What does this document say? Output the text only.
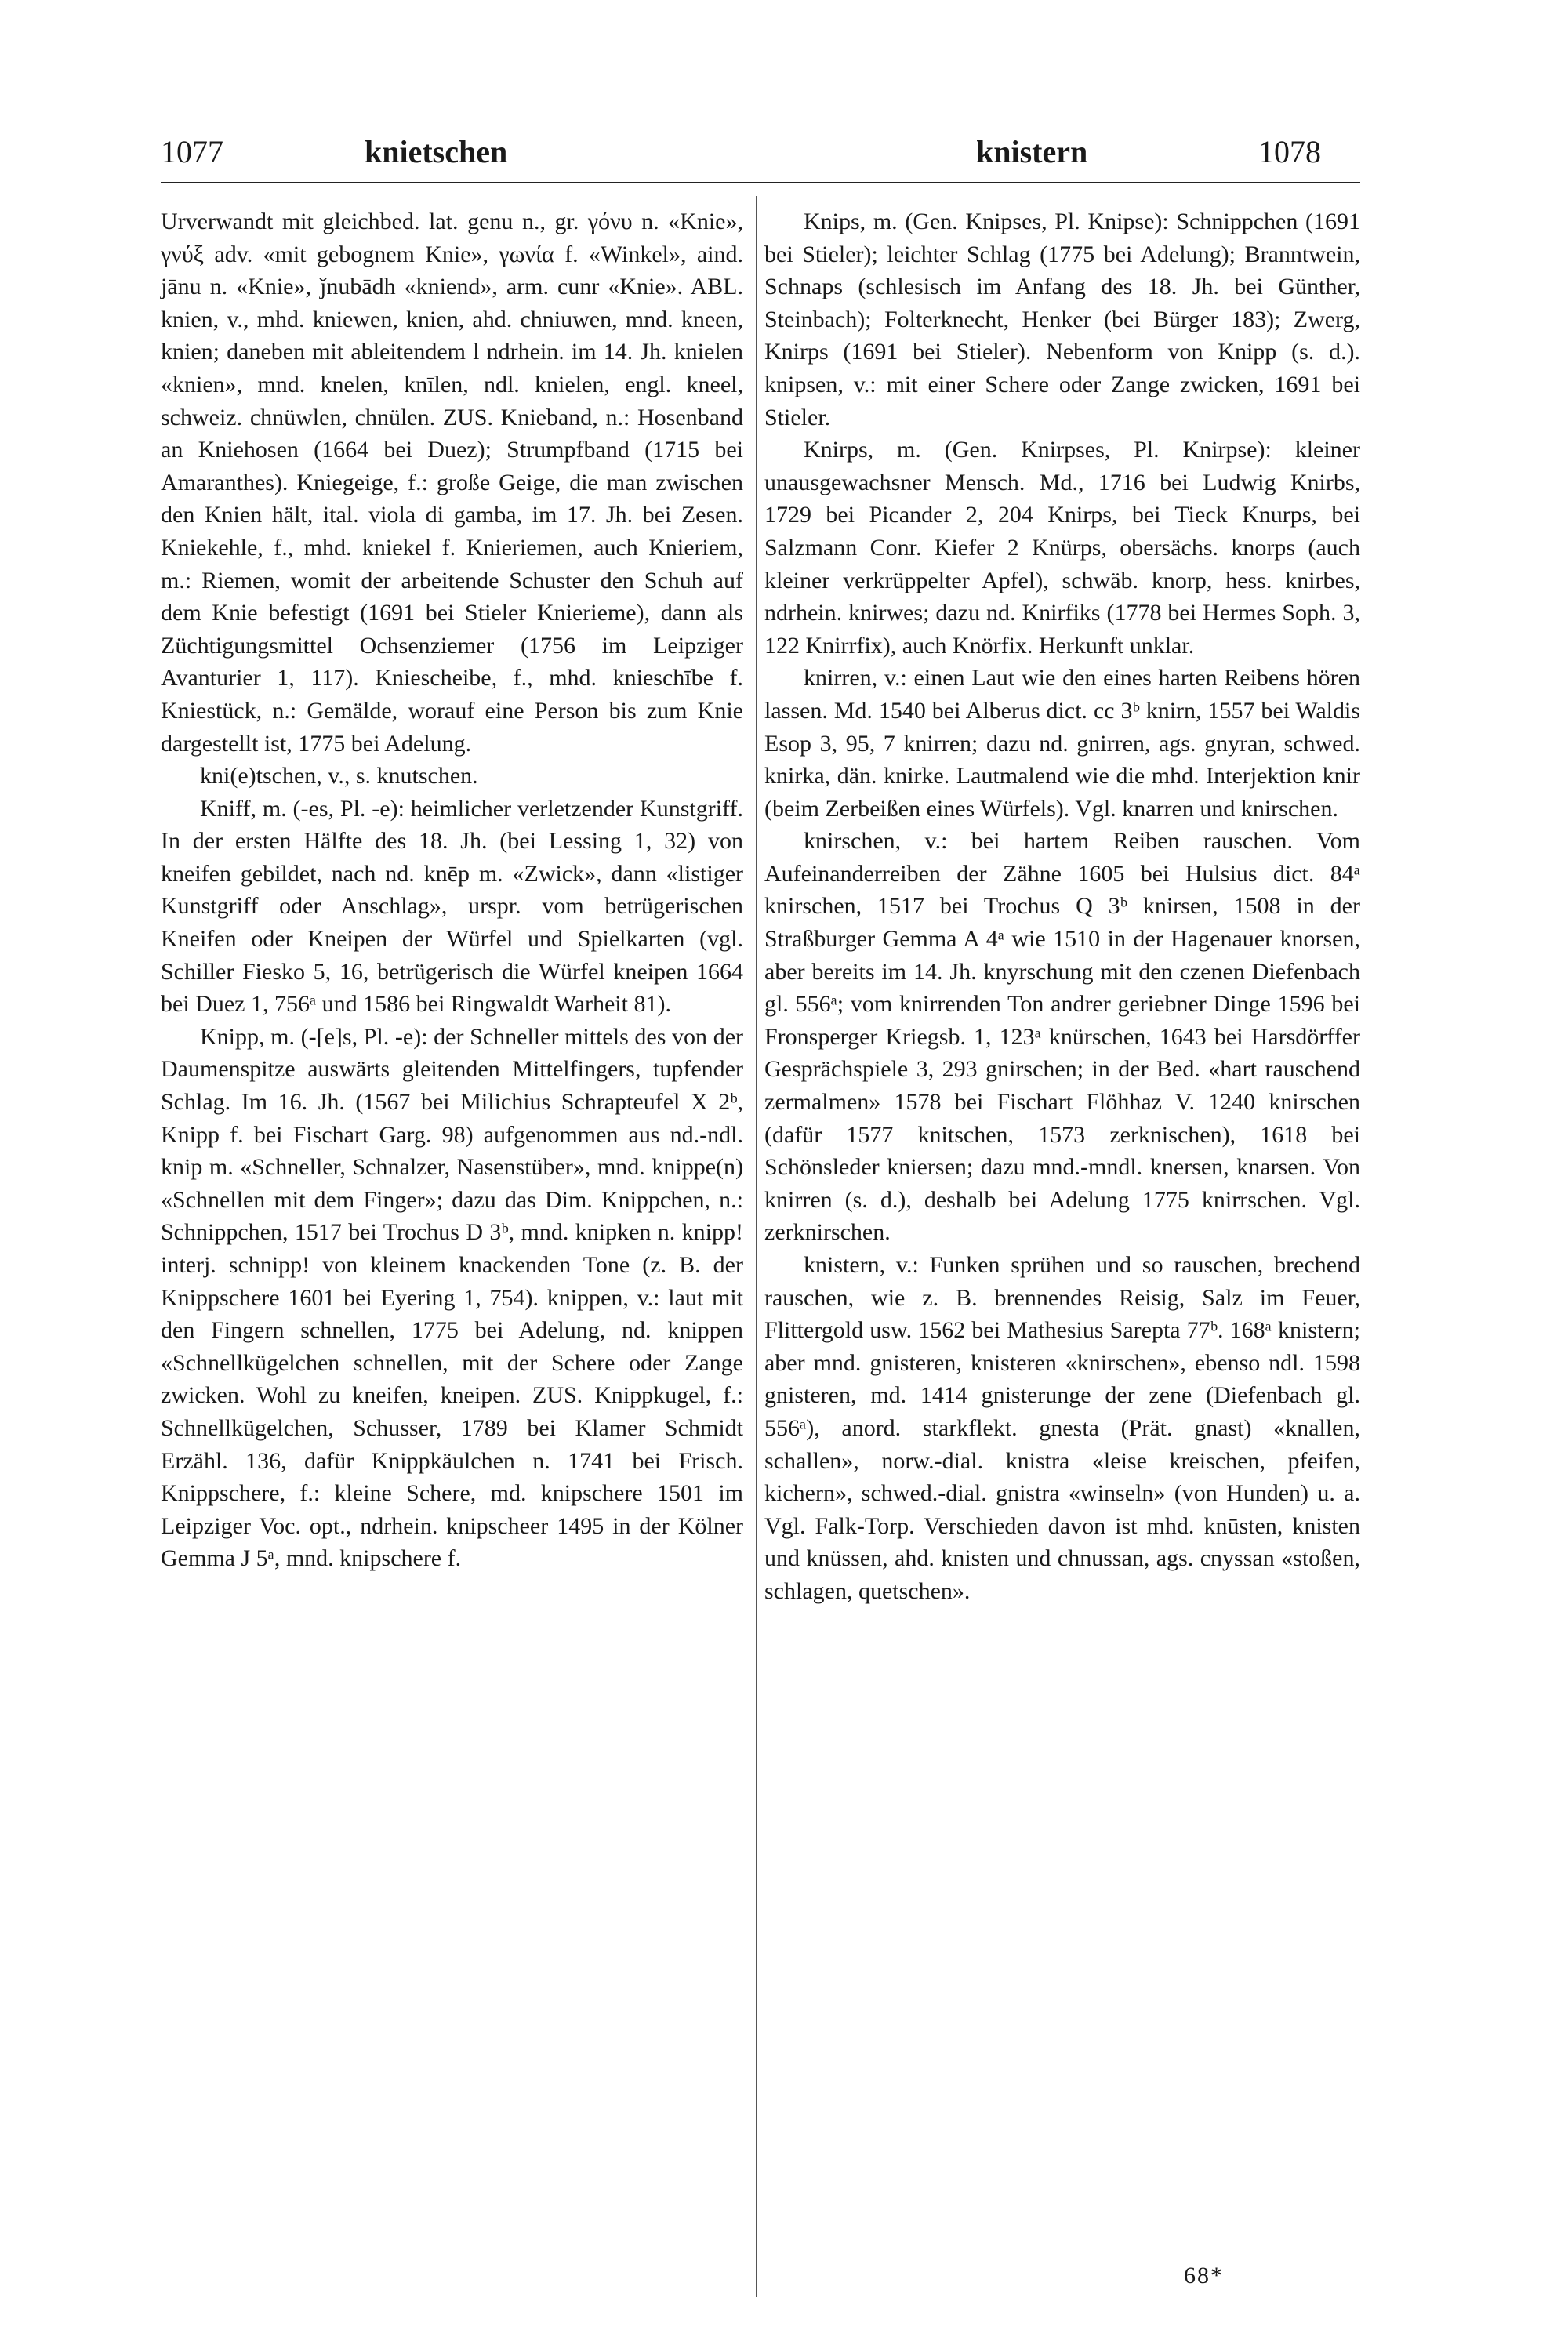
1077	knietschen	knistern	1078

Urverwandt mit gleichbed. lat. genu n., gr. γόνυ n. «Knie», γνύξ adv. «mit gebognem Knie», γωνία f. «Winkel», aind. jānu n. «Knie», ǰnubādh «kniend», arm. cunr «Knie». ABL. knien, v., mhd. kniewen, knien, ahd. chniuwen, mnd. kneen, knien; daneben mit ableitendem l ndrhein. im 14. Jh. knielen «knien», mnd. knelen, knīlen, ndl. knielen, engl. kneel, schweiz. chnüwlen, chnülen. ZUS. Knieband, n.: Hosenband an Kniehosen (1664 bei Duez); Strumpfband (1715 bei Amaranthes). Kniegeige, f.: große Geige, die man zwischen den Knien hält, ital. viola di gamba, im 17. Jh. bei Zesen. Kniekehle, f., mhd. kniekel f. Knieriemen, auch Knieriem, m.: Riemen, womit der arbeitende Schuster den Schuh auf dem Knie befestigt (1691 bei Stieler Knieriеme), dann als Züchtigungsmittel Ochsenziemer (1756 im Leipziger Avanturier 1, 117). Kniescheibe, f., mhd. knieschībe f. Kniestück, n.: Gemälde, worauf eine Person bis zum Knie dargestellt ist, 1775 bei Adelung.

kni(e)tschen, v., s. knutschen.

Kniff, m. (-es, Pl. -e): heimlicher verletzender Kunstgriff. In der ersten Hälfte des 18. Jh. (bei Lessing 1, 32) von kneifen gebildet, nach nd. knēp m. «Zwick», dann «listiger Kunstgriff oder Anschlag», urspr. vom betrügerischen Kneifen oder Kneipen der Würfel und Spielkarten (vgl. Schiller Fiesko 5, 16, betrügerisch die Würfel kneipen 1664 bei Duez 1, 756ᵃ und 1586 bei Ringwaldt Warheit 81).

Knipp, m. (-[e]s, Pl. -e): der Schneller mittels des von der Daumenspitze auswärts gleitenden Mittelfingers, tupfender Schlag. Im 16. Jh. (1567 bei Milichius Schrapteufel X 2ᵇ, Knipp f. bei Fischart Garg. 98) aufgenommen aus nd.-ndl. knip m. «Schneller, Schnalzer, Nasenstüber», mnd. knippe(n) «Schnellen mit dem Finger»; dazu das Dim. Knippchen, n.: Schnippchen, 1517 bei Trochus D 3ᵇ, mnd. knipken n. knipp! interj. schnipp! von kleinem knackenden Tone (z. B. der Knippschere 1601 bei Eyering 1, 754). knippen, v.: laut mit den Fingern schnellen, 1775 bei Adelung, nd. knippen «Schnellkügelchen schnellen, mit der Schere oder Zange zwicken. Wohl zu kneifen, kneipen. ZUS. Knippkugel, f.: Schnellkügelchen, Schusser, 1789 bei Klamer Schmidt Erzähl. 136, dafür Knippkäulchen n. 1741 bei Frisch. Knippschere, f.: kleine Schere, md. knipschere 1501 im Leipziger Voc. opt., ndrhein. knipscheer 1495 in der Kölner Gemma J 5ᵃ, mnd. knipschere f.

Knips, m. (Gen. Knipses, Pl. Knipse): Schnippchen (1691 bei Stieler); leichter Schlag (1775 bei Adelung); Branntwein, Schnaps (schlesisch im Anfang des 18. Jh. bei Günther, Steinbach); Folterknecht, Henker (bei Bürger 183); Zwerg, Knirps (1691 bei Stieler). Nebenform von Knipp (s. d.). knipsen, v.: mit einer Schere oder Zange zwicken, 1691 bei Stieler.

Knirps, m. (Gen. Knirpses, Pl. Knirpse): kleiner unausgewachsner Mensch. Md., 1716 bei Ludwig Knirbs, 1729 bei Picander 2, 204 Knirps, bei Tieck Knurps, bei Salzmann Conr. Kiefer 2 Knürps, obersächs. knorps (auch kleiner verkrüppelter Apfel), schwäb. knorp, hess. knirbes, ndrhein. knirwes; dazu nd. Knirfiks (1778 bei Hermes Soph. 3, 122 Knirrfix), auch Knörfix. Herkunft unklar.

knirren, v.: einen Laut wie den eines harten Reibens hören lassen. Md. 1540 bei Alberus dict. cc 3ᵇ knirn, 1557 bei Waldis Esop 3, 95, 7 knirren; dazu nd. gnirren, ags. gnyran, schwed. knirka, dän. knirke. Lautmalend wie die mhd. Interjektion knir (beim Zerbeißen eines Würfels). Vgl. knarren und knirschen.

knirschen, v.: bei hartem Reiben rauschen. Vom Aufeinanderreiben der Zähne 1605 bei Hulsius dict. 84ᵃ knirschen, 1517 bei Trochus Q 3ᵇ knirsen, 1508 in der Straßburger Gemma A 4ᵃ wie 1510 in der Hagenauer knorsen, aber bereits im 14. Jh. knyrschung mit den czenen Diefenbach gl. 556ᵃ; vom knirrenden Ton andrer geriebner Dinge 1596 bei Fronsperger Kriegsb. 1, 123ᵃ knürschen, 1643 bei Harsdörffer Gesprächspiele 3, 293 gnirschen; in der Bed. «hart rauschend zermalmen» 1578 bei Fischart Flöhhaz V. 1240 knirschen (dafür 1577 knitschen, 1573 zerknischen), 1618 bei Schönsleder kniersen; dazu mnd.-mndl. knersen, knarsen. Von knirren (s. d.), deshalb bei Adelung 1775 knirrschen. Vgl. zerknirschen.

knistern, v.: Funken sprühen und so rauschen, brechend rauschen, wie z. B. brennendes Reisig, Salz im Feuer, Flittergold usw. 1562 bei Mathesius Sarepta 77ᵇ. 168ᵃ knistern; aber mnd. gnisteren, knisteren «knirschen», ebenso ndl. 1598 gnisteren, md. 1414 gnisterunge der zene (Diefenbach gl. 556ᵃ), anord. starkflekt. gnesta (Prät. gnast) «knallen, schallen», norw.-dial. knistra «leise kreischen, pfeifen, kichern», schwed.-dial. gnistra «winseln» (von Hunden) u. a. Vgl. Falk-Torp. Verschieden davon ist mhd. knūsten, knisten und knüssen, ahd. knisten und chnussan, ags. cnyssan «stoßen, schlagen, quetschen».

68*
